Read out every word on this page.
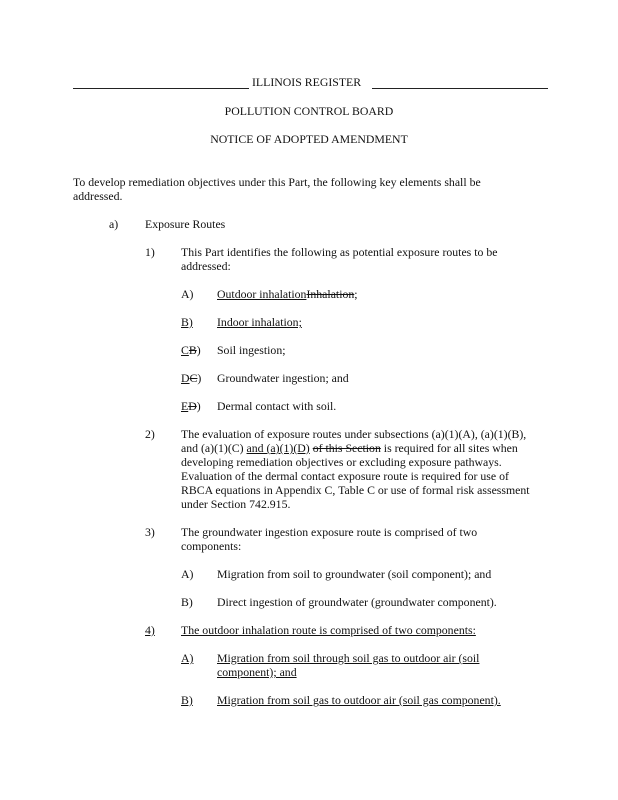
ILLINOIS REGISTER
POLLUTION CONTROL BOARD
NOTICE OF ADOPTED AMENDMENT
To develop remediation objectives under this Part, the following key elements shall be
addressed.
a) Exposure Routes
1) This Part identifies the following as potential exposure routes to be
addressed:
A) Outdoor inhalationInhalation;
B) Indoor inhalation;
CB) Soil ingestion;
DC) Groundwater ingestion; and
ED) Dermal contact with soil.
2) The evaluation of exposure routes under subsections (a)(1)(A), (a)(1)(B),
and (a)(1)(C) and (a)(1)(D) of this Section is required for all sites when
developing remediation objectives or excluding exposure pathways.
Evaluation of the dermal contact exposure route is required for use of
RBCA equations in Appendix C, Table C or use of formal risk assessment
under Section 742.915.
3) The groundwater ingestion exposure route is comprised of two
components:
A) Migration from soil to groundwater (soil component); and
B) Direct ingestion of groundwater (groundwater component).
4) The outdoor inhalation route is comprised of two components:
A) Migration from soil through soil gas to outdoor air (soil
component); and
B) Migration from soil gas to outdoor air (soil gas component).
